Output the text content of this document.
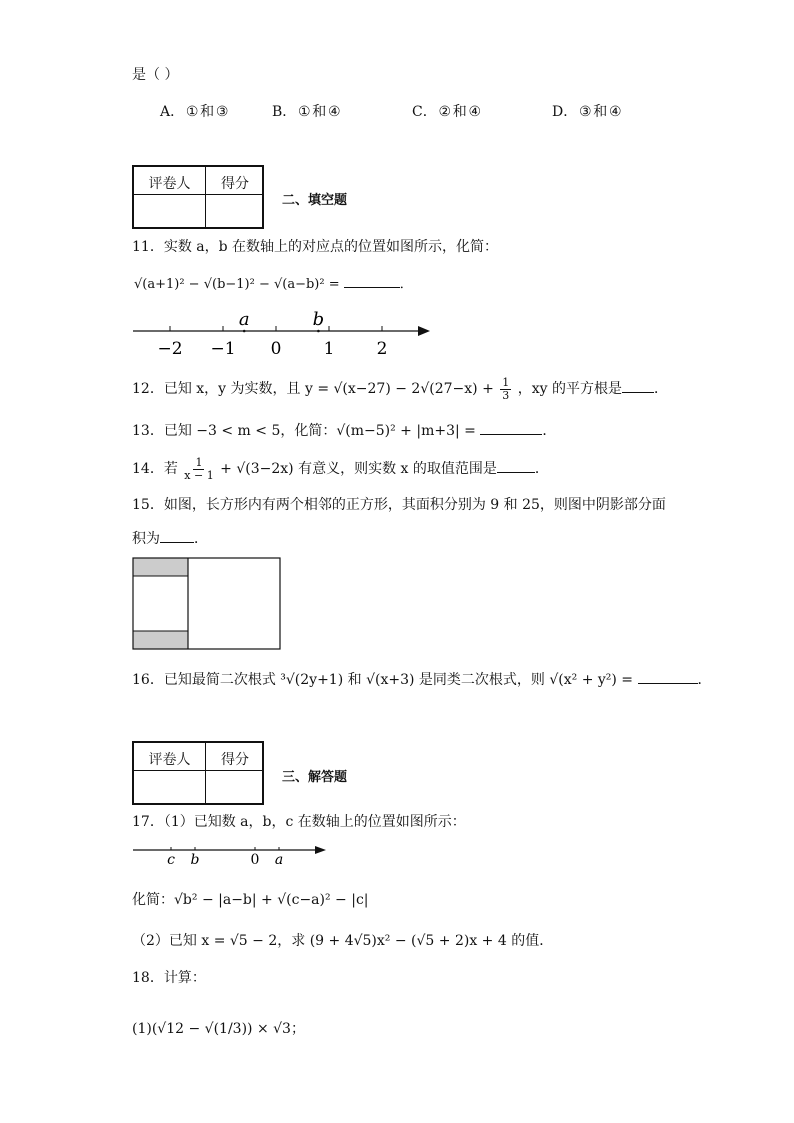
是（ ）
A． ① 和 ③	B． ① 和 ④	C． ② 和 ④	D． ③ 和 ④
评卷人	得分
二、填空题
11．实数 a，b 在数轴上的对应点的位置如图所示，化简：
√(a+1)² − √(b−1)² − √(a−b)² =	．
−2 −1 0 1 2
a	b
12．已知 x，y 为实数，且 $y = √(x-27) - 2√(27-x) + \frac{1}{3}$ ，xy 的平方根是 ．
13．已知 −3 < m < 5，化简：√(m−5)² + |m+3| =	．
14．若 $\frac{1}{x - 1} + √(3-2x)$ 有意义，则实数 x 的取值范围是	．
15．如图，长方形内有两个相邻的正方形，其面积分别为 9 和 25，则图中阴影部分面
积为 ．
16．已知最简二次根式 ³√(2y+1) 和 √(x+3) 是同类二次根式，则 √(x² + y²) =	．
评卷人	得分
三、解答题
17．（1）已知数 a，b，c 在数轴上的位置如图所示：
c b	0 a
化简：√b² − |a−b| + √(c−a)² − |c|
（2）已知 x = √5 − 2，求 (9 + 4√5)x² − (√5 + 2)x + 4 的值．
18．计算：
(1)(√12 − √(1/3)) × √3；
